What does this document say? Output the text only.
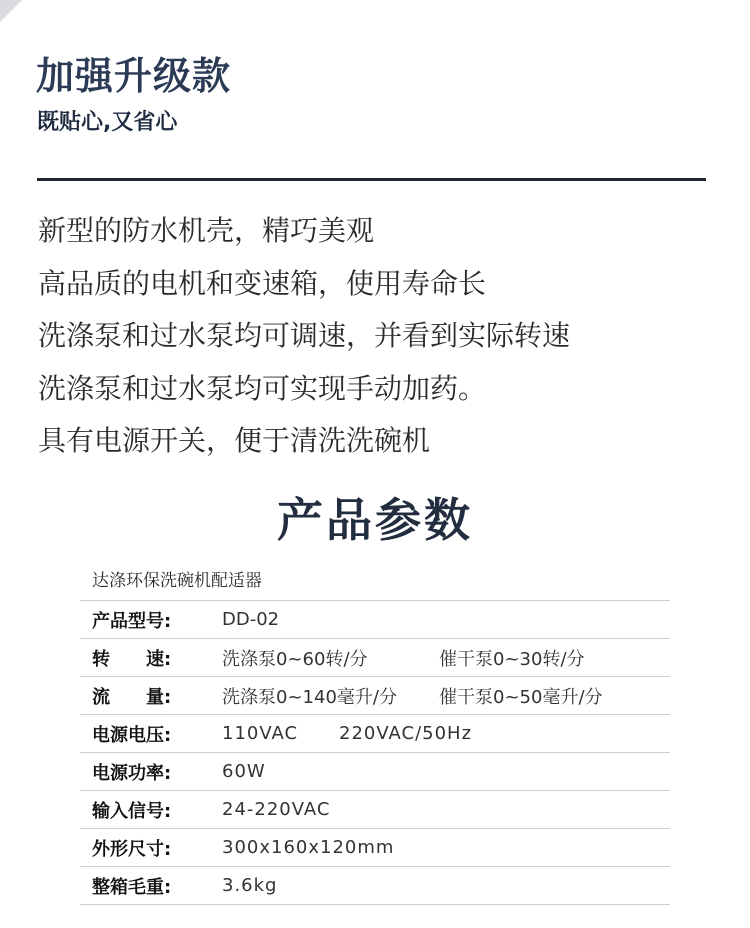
加强升级款
既贴心,又省心
新型的防水机壳，精巧美观
高品质的电机和变速箱，使用寿命长
洗涤泵和过水泵均可调速，并看到实际转速
洗涤泵和过水泵均可实现手动加药。
具有电源开关，便于清洗洗碗机
产品参数
达涤环保洗碗机配适器
产品型号:	DD-02
转　　速:	洗涤泵0~60转/分	催干泵0~30转/分
流　　量:	洗涤泵0~140毫升/分	催干泵0~50毫升/分
电源电压:	110VAC	220VAC/50Hz
电源功率:	60W
输入信号:	24-220VAC
外形尺寸:	300x160x120mm
整箱毛重:	3.6kg
